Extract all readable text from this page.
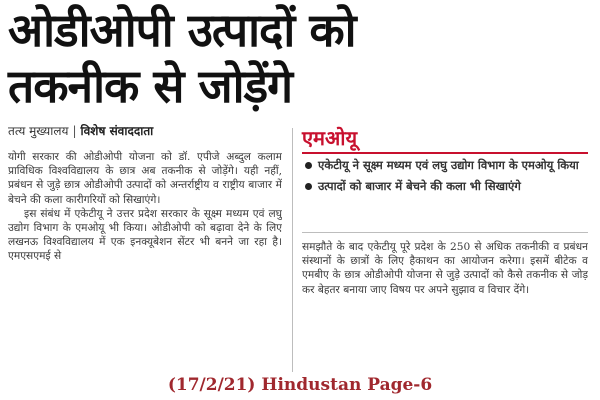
ओडीओपी उत्पादों को
तकनीक से जोड़ेंगे
तत्य मुख्यालय | विशेष संवाददाता

योगी सरकार की ओडीओपी योजना को डॉ. एपीजे अब्दुल कलाम प्राविधिक विश्वविद्यालय के छात्र अब तकनीक से जोड़ेंगे। यही नहीं, प्रबंधन से जुड़े छात्र ओडीओपी उत्पादों को अन्तर्राष्ट्रीय व राष्ट्रीय बाजार में बेचने की कला कारीगरियों को सिखाएंगे।

इस संबंध में एकेटीयू ने उत्तर प्रदेश सरकार के सूक्ष्म मध्यम एवं लघु उद्योग विभाग के एमओयू भी किया। ओडीओपी को बढ़ावा देने के लिए लखनऊ विश्वविद्यालय में एक इनक्यूबेशन सेंटर भी बनने जा रहा है। एमएसएमई से

एमओयू
एकेटीयू ने सूक्ष्म मध्यम एवं लघु उद्योग विभाग के एमओयू किया
उत्पादों को बाजार में बेचने की कला भी सिखाएंगे

समझौते के बाद एकेटीयू पूरे प्रदेश के 250 से अधिक तकनीकी व प्रबंधन संस्थानों के छात्रों के लिए हैकाथन का आयोजन करेगा। इसमें बीटेक व एमबीए के छात्र ओडीओपी योजना से जुड़े उत्पादों को कैसे तकनीक से जोड़ कर बेहतर बनाया जाए विषय पर अपने सुझाव व विचार देंगे।

(17/2/21) Hindustan Page-6
